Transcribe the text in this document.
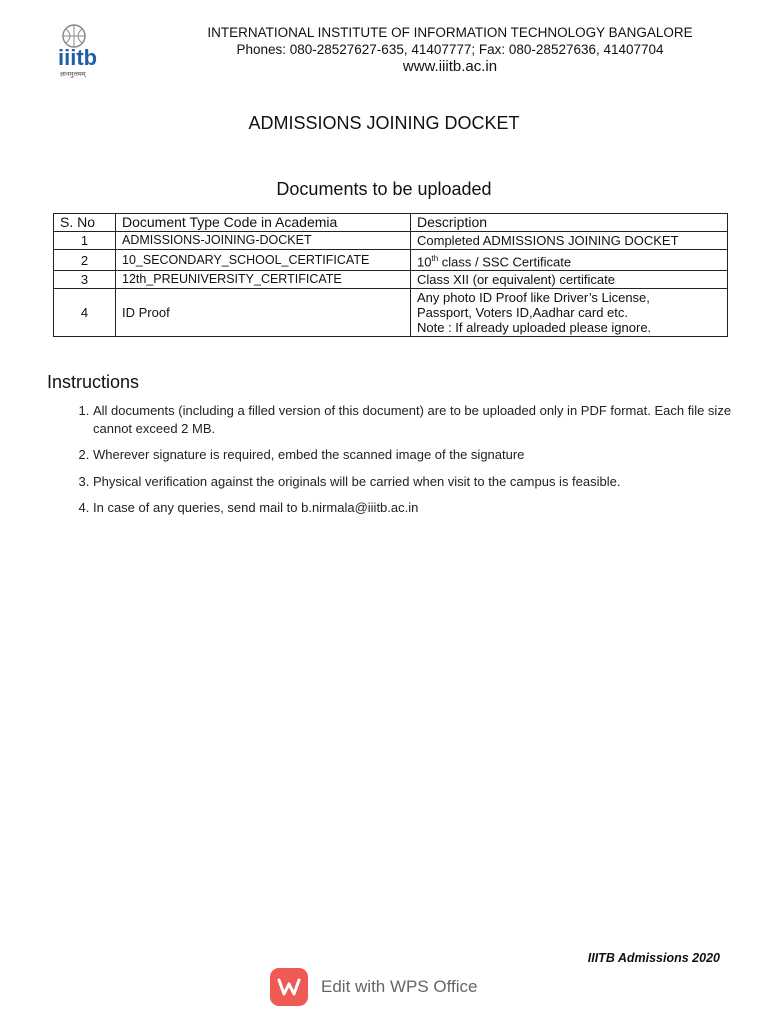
iiitb
ज्ञानमुत्तमम्
INTERNATIONAL INSTITUTE OF INFORMATION TECHNOLOGY BANGALORE
Phones: 080-28527627-635, 41407777; Fax: 080-28527636, 41407704
www.iiitb.ac.in
ADMISSIONS JOINING DOCKET
Documents to be uploaded
S. No	Document Type Code in Academia	Description
1	ADMISSIONS-JOINING-DOCKET	Completed ADMISSIONS JOINING DOCKET
2	10_SECONDARY_SCHOOL_CERTIFICATE	10th class / SSC Certificate
3	12th_PREUNIVERSITY_CERTIFICATE	Class XII (or equivalent) certificate
4	ID Proof	Any photo ID Proof like Driver’s License,
Passport, Voters ID,Aadhar card etc.
Note : If already uploaded please ignore.
Instructions
1. All documents (including a filled version of this document) are to be uploaded only in PDF format. Each file size cannot exceed 2 MB.
2. Wherever signature is required, embed the scanned image of the signature
3. Physical verification against the originals will be carried when visit to the campus is feasible.
4. In case of any queries, send mail to b.nirmala@iiitb.ac.in
IIITB Admissions 2020
Edit with WPS Office
